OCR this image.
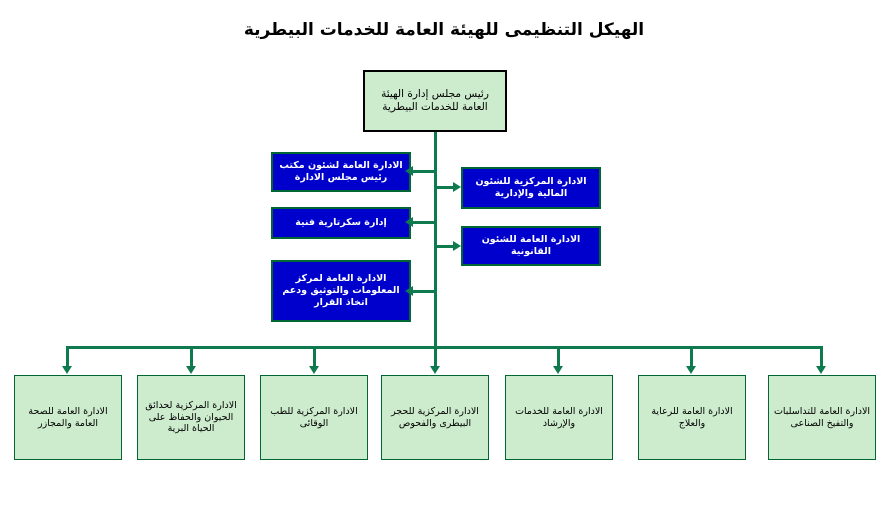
الهيكل التنظيمى للهيئة العامة للخدمات البيطرية
رئيس مجلس إدارة الهيئة العامة للخدمات البيطرية
الادارة العامة لشئون مكتب رئيس مجلس الادارة
إدارة سكرتارية فنية
الادارة العامة لمركز المعلومات والتوثيق ودعم اتخاذ القرار
الادارة المركزية للشئون المالية والإدارية
الادارة العامة للشئون القانونية
الادارة العامة للصحة العامة والمجازر
الادارة المركزية لحدائق الحيوان والحفاظ على الحياة البرية
الادارة المركزية للطب الوقائى
الادارة المركزية للحجر البيطرى والفحوص
الادارة العامة للخدمات والإرشاد
الادارة العامة للرعاية والعلاج
الادارة العامة للتداسلبات والتفيخ الصناعى
